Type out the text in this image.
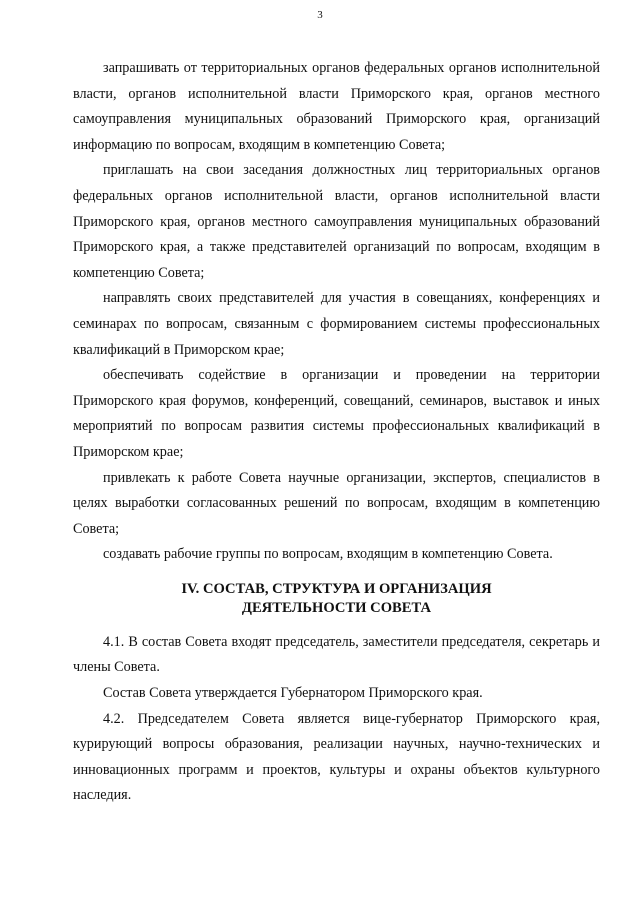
3

запрашивать от территориальных органов федеральных органов исполнительной власти, органов исполнительной власти Приморского края, органов местного самоуправления муниципальных образований Приморского края, организаций информацию по вопросам, входящим в компетенцию Совета;

приглашать на свои заседания должностных лиц территориальных органов федеральных органов исполнительной власти, органов исполнительной власти Приморского края, органов местного самоуправления муниципальных образований Приморского края, а также представителей организаций по вопросам, входящим в компетенцию Совета;

направлять своих представителей для участия в совещаниях, конференциях и семинарах по вопросам, связанным с формированием системы профессиональных квалификаций в Приморском крае;

обеспечивать содействие в организации и проведении на территории Приморского края форумов, конференций, совещаний, семинаров, выставок и иных мероприятий по вопросам развития системы профессиональных квалификаций в Приморском крае;

привлекать к работе Совета научные организации, экспертов, специалистов в целях выработки согласованных решений по вопросам, входящим в компетенцию Совета;

создавать рабочие группы по вопросам, входящим в компетенцию Совета.

IV. СОСТАВ, СТРУКТУРА И ОРГАНИЗАЦИЯ
ДЕЯТЕЛЬНОСТИ СОВЕТА

4.1. В состав Совета входят председатель, заместители председателя, секретарь и члены Совета.

Состав Совета утверждается Губернатором Приморского края.

4.2. Председателем Совета является вице-губернатор Приморского края, курирующий вопросы образования, реализации научных, научно-технических и инновационных программ и проектов, культуры и охраны объектов культурного наследия.
